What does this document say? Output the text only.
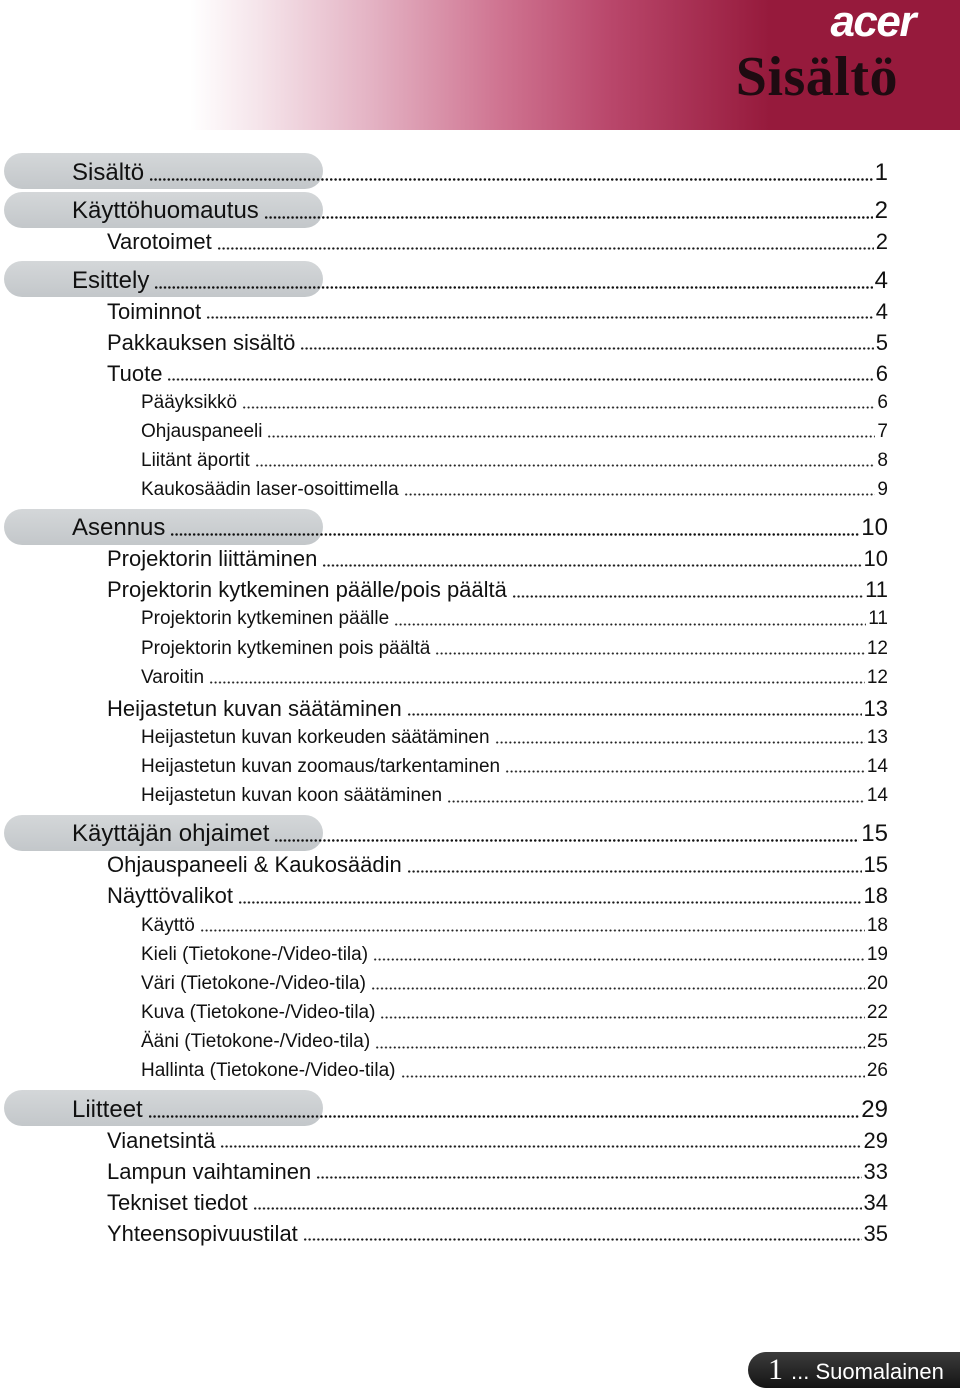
acer
Sisältö
Sisältö	1
Käyttöhuomautus	2
Varotoimet	2
Esittely	4
Toiminnot	4
Pakkauksen sisältö	5
Tuote	6
Pääyksikkö	6
Ohjauspaneeli	7
Liitänt äportit	8
Kaukosäädin laser-osoittimella	9
Asennus	10
Projektorin liittäminen	10
Projektorin kytkeminen päälle/pois päältä	11
Projektorin kytkeminen päälle	11
Projektorin kytkeminen pois päältä	12
Varoitin	12
Heijastetun kuvan säätäminen	13
Heijastetun kuvan korkeuden säätäminen	13
Heijastetun kuvan zoomaus/tarkentaminen	14
Heijastetun kuvan koon säätäminen	14
Käyttäjän ohjaimet	15
Ohjauspaneeli & Kaukosäädin	15
Näyttövalikot	18
Käyttö	18
Kieli (Tietokone-/Video-tila)	19
Väri (Tietokone-/Video-tila)	20
Kuva (Tietokone-/Video-tila)	22
Ääni (Tietokone-/Video-tila)	25
Hallinta (Tietokone-/Video-tila)	26
Liitteet	29
Vianetsintä	29
Lampun vaihtaminen	33
Tekniset tiedot	34
Yhteensopivuustilat	35
1 ... Suomalainen
